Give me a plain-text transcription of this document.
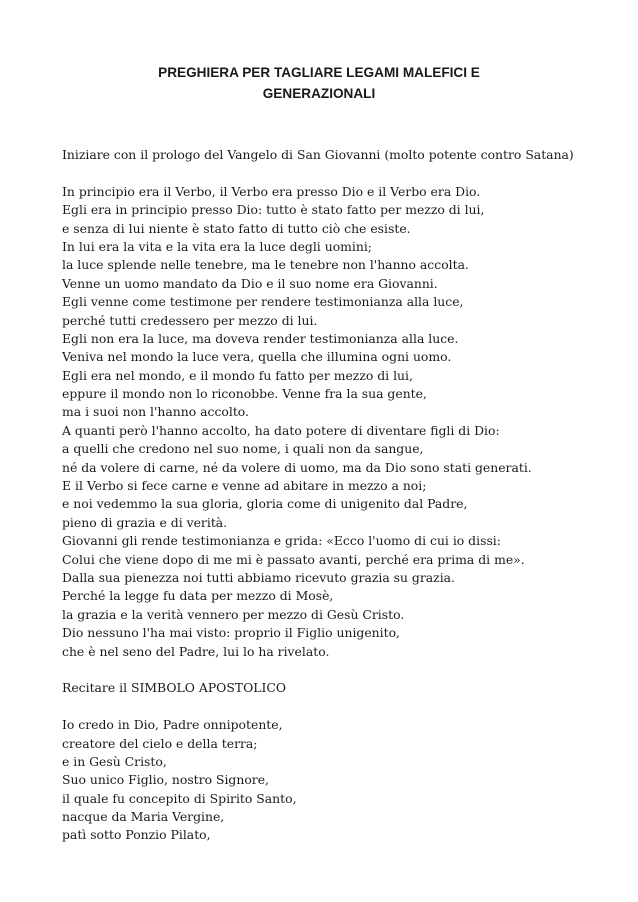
PREGHIERA PER TAGLIARE LEGAMI MALEFICI E
GENERAZIONALI
Iniziare con il prologo del Vangelo di San Giovanni (molto potente contro Satana)
In principio era il Verbo, il Verbo era presso Dio e il Verbo era Dio.
Egli era in principio presso Dio: tutto è stato fatto per mezzo di lui,
e senza di lui niente è stato fatto di tutto ciò che esiste.
In lui era la vita e la vita era la luce degli uomini;
la luce splende nelle tenebre, ma le tenebre non l'hanno accolta.
Venne un uomo mandato da Dio e il suo nome era Giovanni.
Egli venne come testimone per rendere testimonianza alla luce,
perché tutti credessero per mezzo di lui.
Egli non era la luce, ma doveva render testimonianza alla luce.
Veniva nel mondo la luce vera, quella che illumina ogni uomo.
Egli era nel mondo, e il mondo fu fatto per mezzo di lui,
eppure il mondo non lo riconobbe. Venne fra la sua gente,
ma i suoi non l'hanno accolto.
A quanti però l'hanno accolto, ha dato potere di diventare figli di Dio:
a quelli che credono nel suo nome, i quali non da sangue,
né da volere di carne, né da volere di uomo, ma da Dio sono stati generati.
E il Verbo si fece carne e venne ad abitare in mezzo a noi;
e noi vedemmo la sua gloria, gloria come di unigenito dal Padre,
pieno di grazia e di verità.
Giovanni gli rende testimonianza e grida: «Ecco l'uomo di cui io dissi:
Colui che viene dopo di me mi è passato avanti, perché era prima di me».
Dalla sua pienezza noi tutti abbiamo ricevuto grazia su grazia.
Perché la legge fu data per mezzo di Mosè,
la grazia e la verità vennero per mezzo di Gesù Cristo.
Dio nessuno l'ha mai visto: proprio il Figlio unigenito,
che è nel seno del Padre, lui lo ha rivelato.
Recitare il SIMBOLO APOSTOLICO
Io credo in Dio, Padre onnipotente,
creatore del cielo e della terra;
e in Gesù Cristo,
Suo unico Figlio, nostro Signore,
il quale fu concepito di Spirito Santo,
nacque da Maria Vergine,
patì sotto Ponzio Pilato,
